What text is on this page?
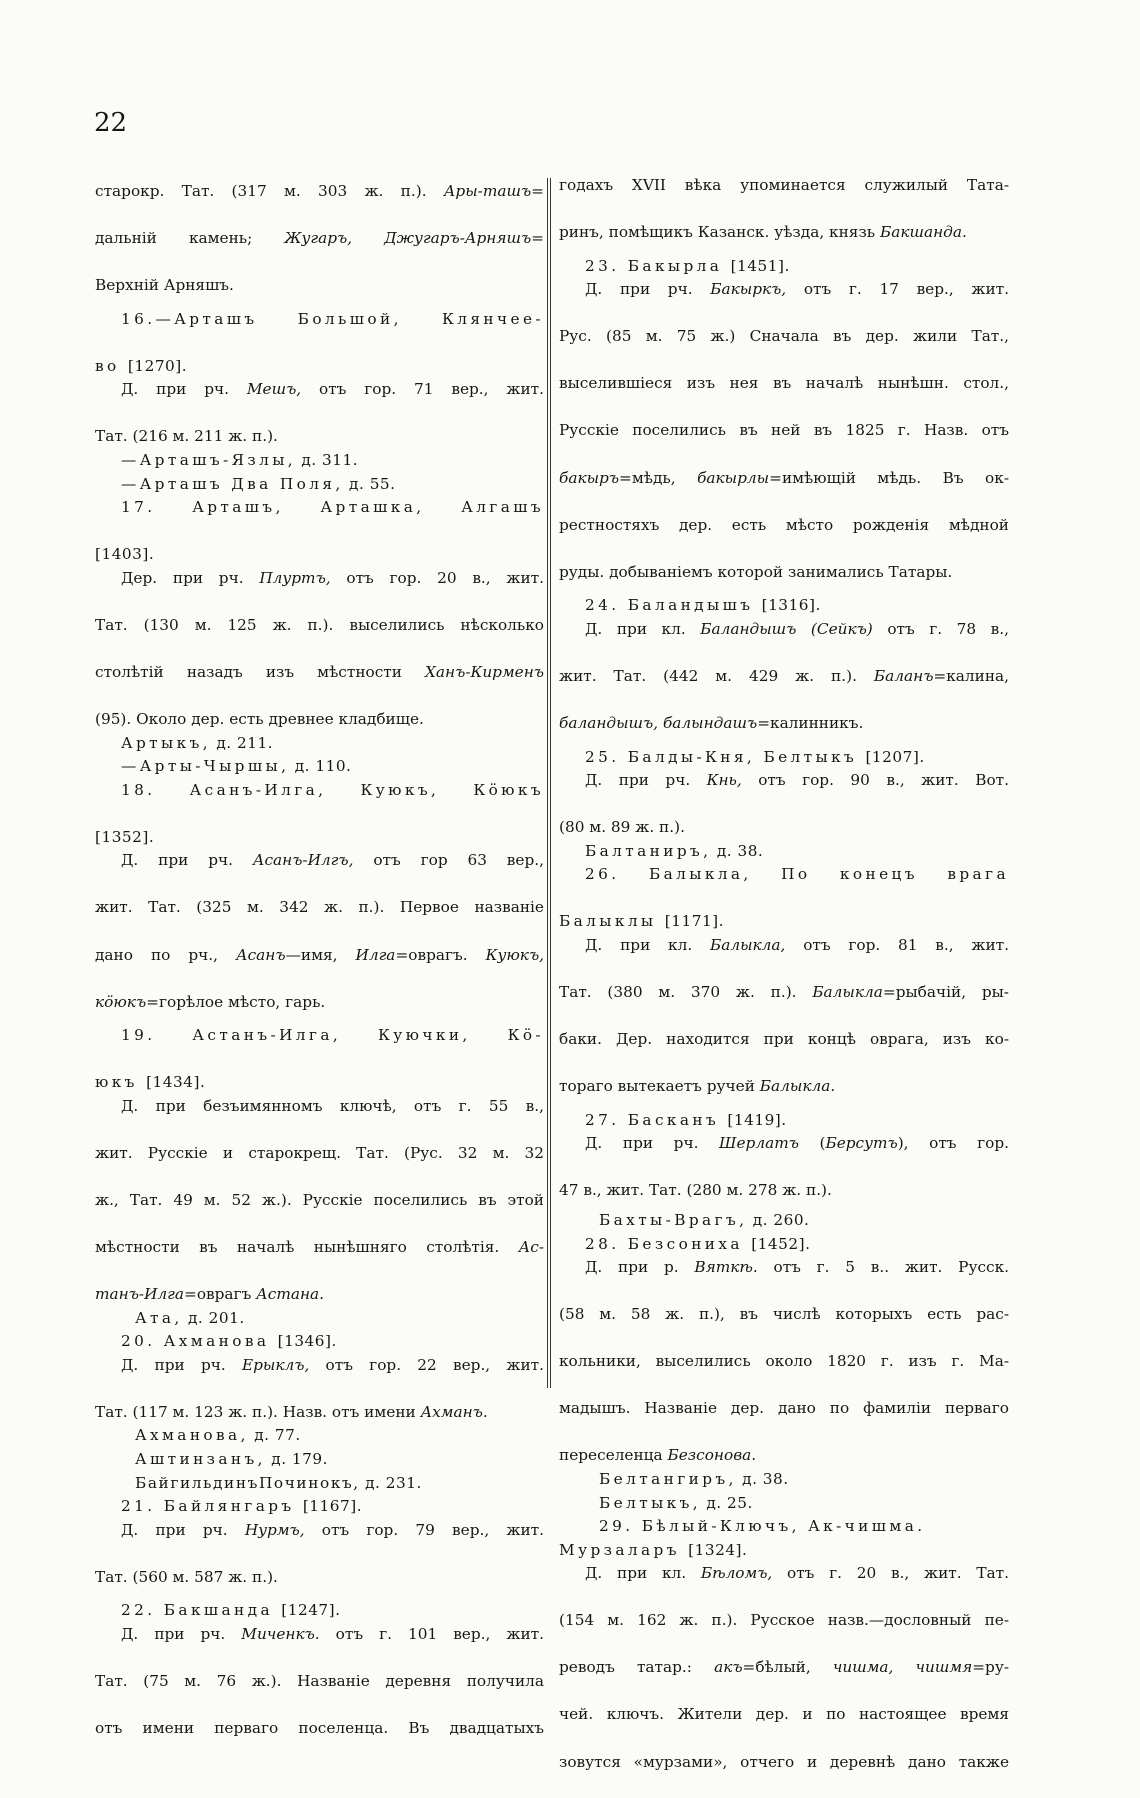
22

старокр. Тат. (317 м. 303 ж. п.). Ары-ташъ=

дальній камень; Жугаръ, Джугаръ-Арняшъ=

Верхній Арняшъ.

16.—Арташъ Большой, Клянчее-

во [1270].

Д. при рч. Мешъ, отъ гор. 71 вер., жит.

Тат. (216 м. 211 ж. п.).

—Арташъ-Язлы, д. 311.

—Арташъ Два Поля, д. 55.

17. Арташъ, Арташка, Алгашъ

[1403].

Дер. при рч. Плуртъ, отъ гор. 20 в., жит.

Тат. (130 м. 125 ж. п.). выселились нѣсколько

столѣтій назадъ изъ мѣстности Ханъ-Кирменъ

(95). Около дер. есть древнее кладбище.

Артыкъ, д. 211.

—Арты-Чыршы, д. 110.

18. Асанъ-Илга, Куюкъ, Кöюкъ

[1352].

Д. при рч. Асанъ-Илгъ, отъ гор 63 вер.,

жит. Тат. (325 м. 342 ж. п.). Первое названіе

дано по рч., Асанъ—имя, Илга=оврагъ. Куюкъ,

кöюкъ=горѣлое мѣсто, гарь.

19. Астанъ-Илга, Куючки, Кö-

юкъ [1434].

Д. при безъимянномъ ключѣ, отъ г. 55 в.,

жит. Русскіе и старокрещ. Тат. (Рус. 32 м. 32

ж., Тат. 49 м. 52 ж.). Русскіе поселились въ этой

мѣстности въ началѣ нынѣшняго столѣтія. Ас-

танъ-Илга=оврагъ Астана.

Ата, д. 201.

20. Ахманова [1346].

Д. при рч. Ерыклъ, отъ гор. 22 вер., жит.

Тат. (117 м. 123 ж. п.). Назв. отъ имени Ахманъ.

Ахманова, д. 77.

Аштинзанъ, д. 179.

БайгильдинъПочинокъ, д. 231.

21. Байлянгаръ [1167].

Д. при рч. Нурмъ, отъ гор. 79 вер., жит.

Тат. (560 м. 587 ж. п.).

22. Бакшанда [1247].

Д. при рч. Миченкъ. отъ г. 101 вер., жит.

Тат. (75 м. 76 ж.). Названіе деревня получила

отъ имени перваго поселенца. Въ двадцатыхъ

годахъ XVII вѣка упоминается служилый Тата-

ринъ, помѣщикъ Казанск. уѣзда, князь Бакшанда.

23. Бакырла [1451].

Д. при рч. Бакыркъ, отъ г. 17 вер., жит.

Рус. (85 м. 75 ж.) Сначала въ дер. жили Тат.,

выселившіеся изъ нея въ началѣ нынѣшн. стол.,

Русскіе поселились въ ней въ 1825 г. Назв. отъ

бакыръ=мѣдь, бакырлы=имѣющій мѣдь. Въ ок-

рестностяхъ дер. есть мѣсто рожденія мѣдной

руды. добываніемъ которой занимались Татары.

24. Баландышъ [1316].

Д. при кл. Баландышъ (Сейкъ) отъ г. 78 в.,

жит. Тат. (442 м. 429 ж. п.). Баланъ=калина,

баландышъ, балындашъ=калинникъ.

25. Балды-Кня, Белтыкъ [1207].

Д. при рч. Кнь, отъ гор. 90 в., жит. Вот.

(80 м. 89 ж. п.).

Балтаниръ, д. 38.

26. Балыкла, По конецъ врага

Балыклы [1171].

Д. при кл. Балыкла, отъ гор. 81 в., жит.

Тат. (380 м. 370 ж. п.). Балыкла=рыбачій, ры-

баки. Дер. находится при концѣ оврага, изъ ко-

тораго вытекаетъ ручей Балыкла.

27. Басканъ [1419].

Д. при рч. Шерлатъ (Берсутъ), отъ гор.

47 в., жит. Тат. (280 м. 278 ж. п.).

Бахты-Врагъ, д. 260.

28. Безсониха [1452].

Д. при р. Вяткѣ. отъ г. 5 в.. жит. Русск.

(58 м. 58 ж. п.), въ числѣ которыхъ есть рас-

кольники, выселились около 1820 г. изъ г. Ма-

мадышъ. Названіе дер. дано по фамиліи перваго

переселенца Безсонова.

Белтангиръ, д. 38.

Белтыкъ, д. 25.

29. Бѣлый-Ключъ, Ак-чишма.

Мурзаларъ [1324].

Д. при кл. Бѣломъ, отъ г. 20 в., жит. Тат.

(154 м. 162 ж. п.). Русское назв.—дословный пе-

реводъ татар.: акъ=бѣлый, чишма, чишмя=ру-

чей. ключъ. Жители дер. и по настоящее время

зовутся «мурзами», отчего и деревнѣ дано также
